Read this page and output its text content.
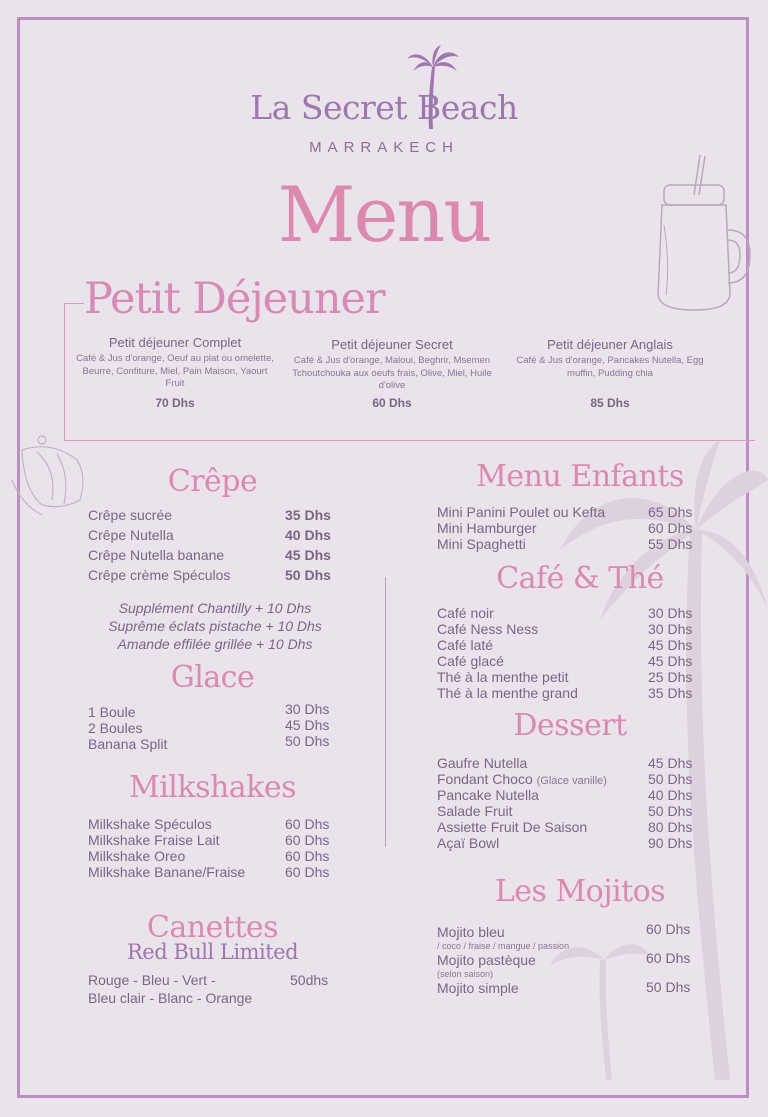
La Secret Beach
MARRAKECH
Menu
Petit Déjeuner
Petit déjeuner Complet
Café & Jus d'orange, Oeuf au plat ou omelette, Beurre, Confiture, Miel, Pain Maison, Yaourt Fruit
70 Dhs
Petit déjeuner Secret
Café & Jus d'orange, Maloui, Beghrir, Msemen Tchoutchouka aux oeufs frais, Olive, Miel, Huile d'olive
60 Dhs
Petit déjeuner Anglais
Café & Jus d'orange, Pancakes Nutella, Egg muffin, Pudding chia
85 Dhs
Crêpe
Crêpe sucrée	35 Dhs
Crêpe Nutella	40 Dhs
Crêpe Nutella banane	45 Dhs
Crêpe crème Spéculos	50 Dhs
Supplément Chantilly + 10 Dhs
Suprême éclats pistache + 10 Dhs
Amande effilée grillée + 10 Dhs
Glace
1 Boule	30 Dhs
2 Boules	45 Dhs
Banana Split	50 Dhs
Milkshakes
Milkshake Spéculos	60 Dhs
Milkshake Fraise Lait	60 Dhs
Milkshake Oreo	60 Dhs
Milkshake Banane/Fraise	60 Dhs
Canettes
Red Bull Limited
Rouge - Bleu - Vert -	50dhs
Bleu clair - Blanc - Orange
Menu Enfants
Mini Panini Poulet ou Kefta	65 Dhs
Mini Hamburger	60 Dhs
Mini Spaghetti	55 Dhs
Café & Thé
Café noir	30 Dhs
Café Ness Ness	30 Dhs
Café laté	45 Dhs
Café glacé	45 Dhs
Thé à la menthe petit	25 Dhs
Thé à la menthe grand	35 Dhs
Dessert
Gaufre Nutella	45 Dhs
Fondant Choco (Glace vanille)	50 Dhs
Pancake Nutella	40 Dhs
Salade Fruit	50 Dhs
Assiette Fruit De Saison	80 Dhs
Açaï Bowl	90 Dhs
Les Mojitos
Mojito bleu
/ coco / fraise / mangue / passion
60 Dhs
Mojito pastèque
(selon saison)
60 Dhs
Mojito simple	50 Dhs
